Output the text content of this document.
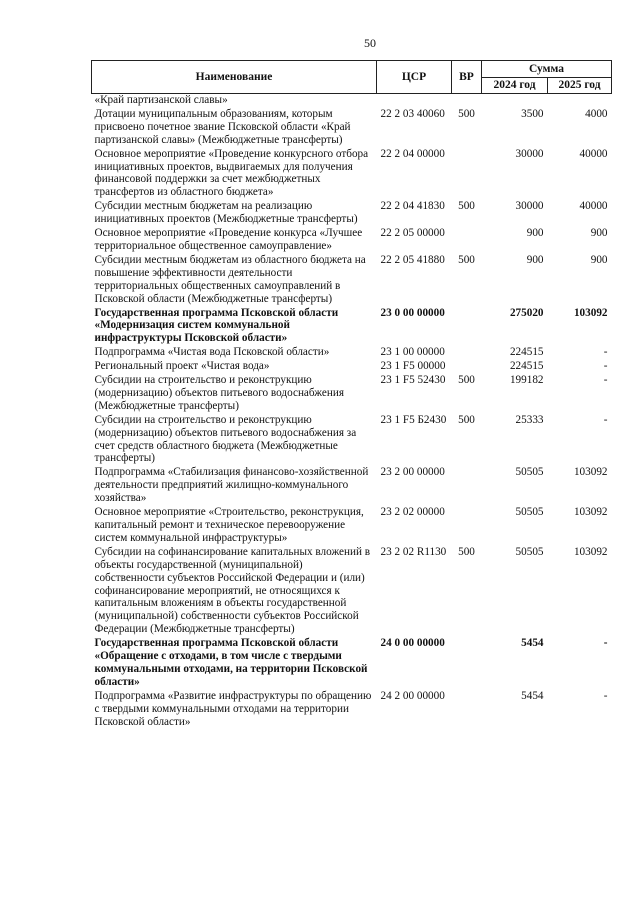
50
Наименование	ЦСР	ВР	Сумма	
			2024 год	2025 год
«Край партизанской славы»				
Дотации муниципальным образованиям, которым присвоено почетное звание Псковской области «Край партизанской славы» (Межбюджетные трансферты)	22 2 03 40060	500	3500	4000
Основное мероприятие «Проведение конкурсного отбора инициативных проектов, выдвигаемых для получения финансовой поддержки за счет межбюджетных трансфертов из областного бюджета»	22 2 04 00000		30000	40000
Субсидии местным бюджетам на реализацию инициативных проектов (Межбюджетные трансферты)	22 2 04 41830	500	30000	40000
Основное мероприятие «Проведение конкурса «Лучшее территориальное общественное самоуправление»	22 2 05 00000		900	900
Субсидии местным бюджетам из областного бюджета на повышение эффективности деятельности территориальных общественных самоуправлений в Псковской области (Межбюджетные трансферты)	22 2 05 41880	500	900	900
Государственная программа Псковской области «Модернизация систем коммунальной инфраструктуры Псковской области»	23 0 00 00000		275020	103092
Подпрограмма «Чистая вода Псковской области»	23 1 00 00000		224515	-
Региональный проект «Чистая вода»	23 1 F5 00000		224515	-
Субсидии на строительство и реконструкцию (модернизацию) объектов питьевого водоснабжения (Межбюджетные трансферты)	23 1 F5 52430	500	199182	-
Субсидии на строительство и реконструкцию (модернизацию) объектов питьевого водоснабжения за счет средств областного бюджета (Межбюджетные трансферты)	23 1 F5 Б2430	500	25333	-
Подпрограмма «Стабилизация финансово-хозяйственной деятельности предприятий жилищно-коммунального хозяйства»	23 2 00 00000		50505	103092
Основное мероприятие «Строительство, реконструкция, капитальный ремонт и техническое перевооружение систем коммунальной инфраструктуры»	23 2 02 00000		50505	103092
Субсидии на софинансирование капитальных вложений в объекты государственной (муниципальной) собственности субъектов Российской Федерации и (или) софинансирование мероприятий, не относящихся к капитальным вложениям в объекты государственной (муниципальной) собственности субъектов Российской Федерации (Межбюджетные трансферты)	23 2 02 R1130	500	50505	103092
Государственная программа Псковской области «Обращение с отходами, в том числе с твердыми коммунальными отходами, на территории Псковской области»	24 0 00 00000		5454	-
Подпрограмма «Развитие инфраструктуры по обращению с твердыми коммунальными отходами на территории Псковской области»	24 2 00 00000		5454	-
